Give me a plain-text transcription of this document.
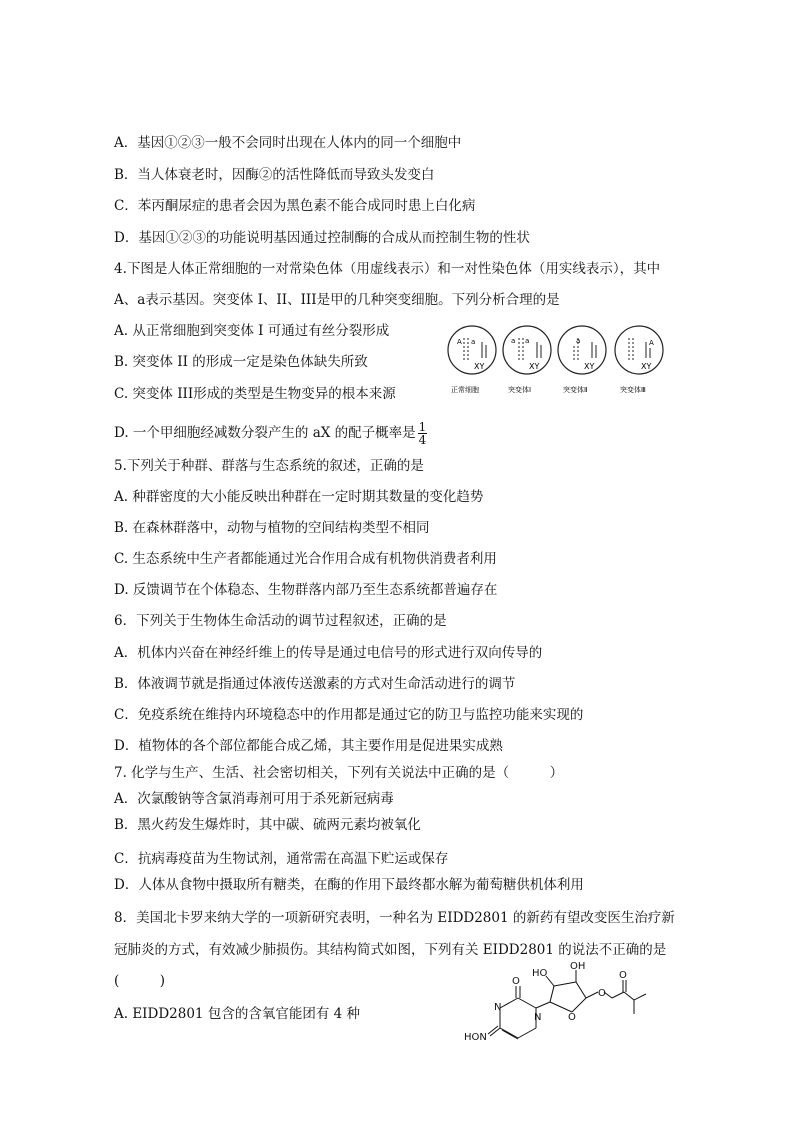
A．基因①②③一般不会同时出现在人体内的同一个细胞中
B．当人体衰老时，因酶②的活性降低而导致头发变白
C．苯丙酮尿症的患者会因为黑色素不能合成同时患上白化病
D．基因①②③的功能说明基因通过控制酶的合成从而控制生物的性状
4.下图是人体正常细胞的一对常染色体（用虚线表示）和一对性染色体（用实线表示），其中
A、a表示基因。突变体 I、II、III是甲的几种突变细胞。下列分析合理的是
A. 从正常细胞到突变体 I 可通过有丝分裂形成
B. 突变体 II 的形成一定是染色体缺失所致
C. 突变体 III形成的类型是生物变异的根本来源
D. 一个甲细胞经减数分裂产生的 aX 的配子概率是 $\frac{1}{4}$
A a
XY
正常细胞
a a
XY
突变体Ⅰ
a
XY
突变体Ⅱ
A
XY
突变体Ⅲ
5.下列关于种群、群落与生态系统的叙述，正确的是
A. 种群密度的大小能反映出种群在一定时期其数量的变化趋势
B. 在森林群落中，动物与植物的空间结构类型不相同
C. 生态系统中生产者都能通过光合作用合成有机物供消费者利用
D. 反馈调节在个体稳态、生物群落内部乃至生态系统都普遍存在
6．下列关于生物体生命活动的调节过程叙述，正确的是
A．机体内兴奋在神经纤维上的传导是通过电信号的形式进行双向传导的
B．体液调节就是指通过体液传送激素的方式对生命活动进行的调节
C．免疫系统在维持内环境稳态中的作用都是通过它的防卫与监控功能来实现的
D．植物体的各个部位都能合成乙烯，其主要作用是促进果实成熟
7. 化学与生产、生活、社会密切相关，下列有关说法中正确的是（　　　）
A．次氯酸钠等含氯消毒剂可用于杀死新冠病毒
B．黑火药发生爆炸时，其中碳、硫两元素均被氧化
C．抗病毒疫苗为生物试剂，通常需在高温下贮运或保存
D．人体从食物中摄取所有糖类，在酶的作用下最终都水解为葡萄糖供机体利用
8．美国北卡罗来纳大学的一项新研究表明，一种名为 EIDD2801 的新药有望改变医生治疗新
冠肺炎的方式，有效减少肺损伤。其结构简式如图，下列有关 EIDD2801 的说法不正确的是
(　　　)
A. EIDD2801 包含的含氧官能团有 4 种
O
N
N
HON
HO
OH
O
O
O
